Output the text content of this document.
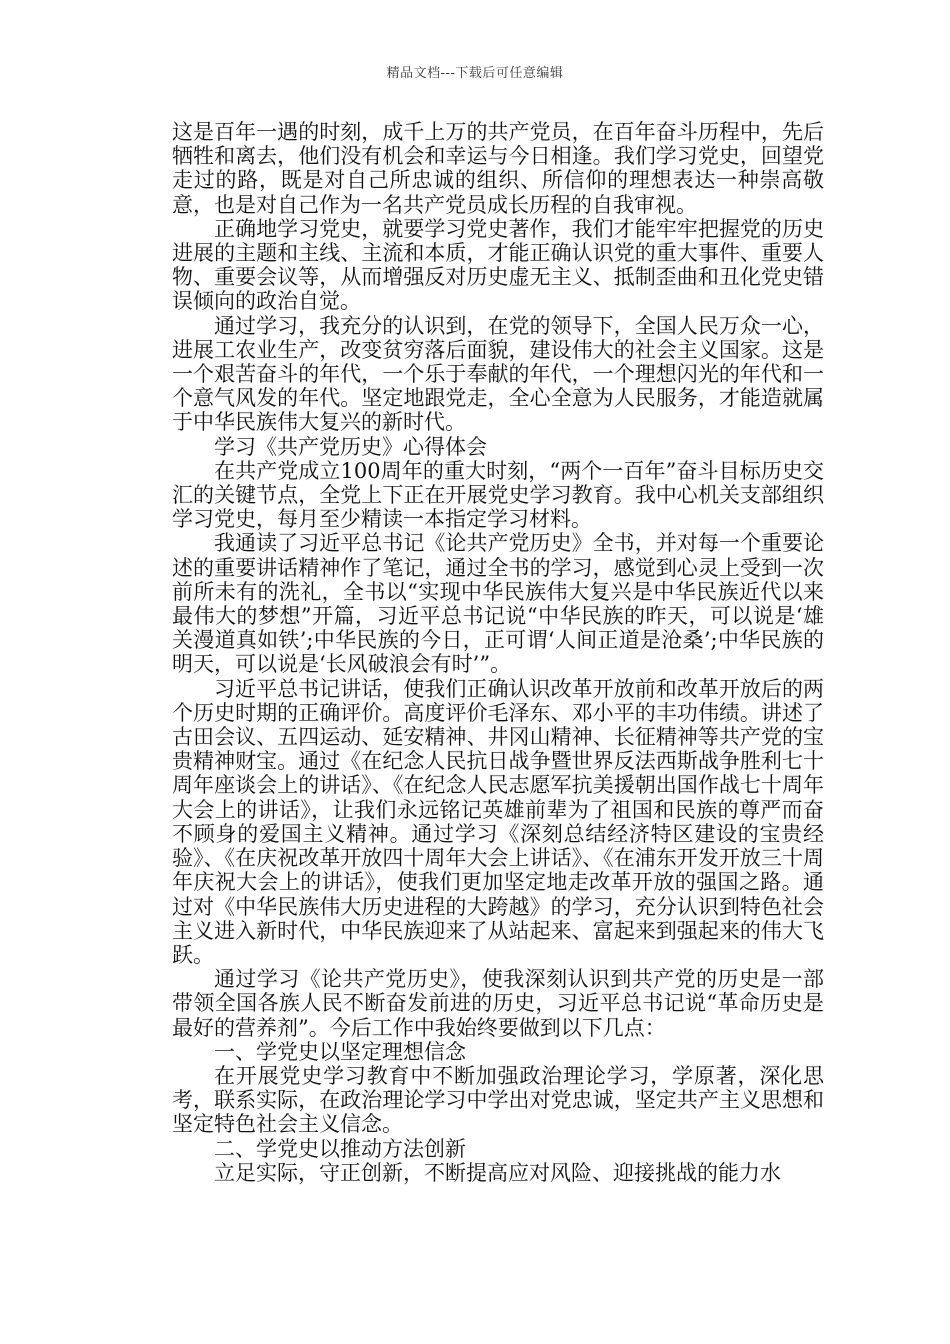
精品文档---下载后可任意编辑

这是百年一遇的时刻，成千上万的共产党员，在百年奋斗历程中，先后牺牲和离去，他们没有机会和幸运与今日相逢。我们学习党史，回望党走过的路，既是对自己所忠诚的组织、所信仰的理想表达一种崇高敬意，也是对自己作为一名共产党员成长历程的自我审视。

正确地学习党史，就要学习党史著作，我们才能牢牢把握党的历史进展的主题和主线、主流和本质，才能正确认识党的重大事件、重要人物、重要会议等，从而增强反对历史虚无主义、抵制歪曲和丑化党史错误倾向的政治自觉。

通过学习，我充分的认识到，在党的领导下，全国人民万众一心，进展工农业生产，改变贫穷落后面貌，建设伟大的社会主义国家。这是一个艰苦奋斗的年代，一个乐于奉献的年代，一个理想闪光的年代和一个意气风发的年代。坚定地跟党走，全心全意为人民服务，才能造就属于中华民族伟大复兴的新时代。

学习《共产党历史》心得体会

在共产党成立100周年的重大时刻，“两个一百年”奋斗目标历史交汇的关键节点，全党上下正在开展党史学习教育。我中心机关支部组织学习党史，每月至少精读一本指定学习材料。

我通读了习近平总书记《论共产党历史》全书，并对每一个重要论述的重要讲话精神作了笔记，通过全书的学习，感觉到心灵上受到一次前所未有的洗礼，全书以“实现中华民族伟大复兴是中华民族近代以来最伟大的梦想”开篇，习近平总书记说“中华民族的昨天，可以说是‘雄关漫道真如铁’;中华民族的今日，正可谓‘人间正道是沧桑’;中华民族的明天，可以说是‘长风破浪会有时’”。

习近平总书记讲话，使我们正确认识改革开放前和改革开放后的两个历史时期的正确评价。高度评价毛泽东、邓小平的丰功伟绩。讲述了古田会议、五四运动、延安精神、井冈山精神、长征精神等共产党的宝贵精神财宝。通过《在纪念人民抗日战争暨世界反法西斯战争胜利七十周年座谈会上的讲话》、《在纪念人民志愿军抗美援朝出国作战七十周年大会上的讲话》，让我们永远铭记英雄前辈为了祖国和民族的尊严而奋不顾身的爱国主义精神。通过学习《深刻总结经济特区建设的宝贵经验》、《在庆祝改革开放四十周年大会上讲话》、《在浦东开发开放三十周年庆祝大会上的讲话》，使我们更加坚定地走改革开放的强国之路。通过对《中华民族伟大历史进程的大跨越》的学习，充分认识到特色社会主义进入新时代，中华民族迎来了从站起来、富起来到强起来的伟大飞跃。

通过学习《论共产党历史》，使我深刻认识到共产党的历史是一部带领全国各族人民不断奋发前进的历史，习近平总书记说“革命历史是最好的营养剂”。今后工作中我始终要做到以下几点：

一、学党史以坚定理想信念

在开展党史学习教育中不断加强政治理论学习，学原著，深化思考，联系实际，在政治理论学习中学出对党忠诚，坚定共产主义思想和坚定特色社会主义信念。

二、学党史以推动方法创新

立足实际，守正创新，不断提高应对风险、迎接挑战的能力水
